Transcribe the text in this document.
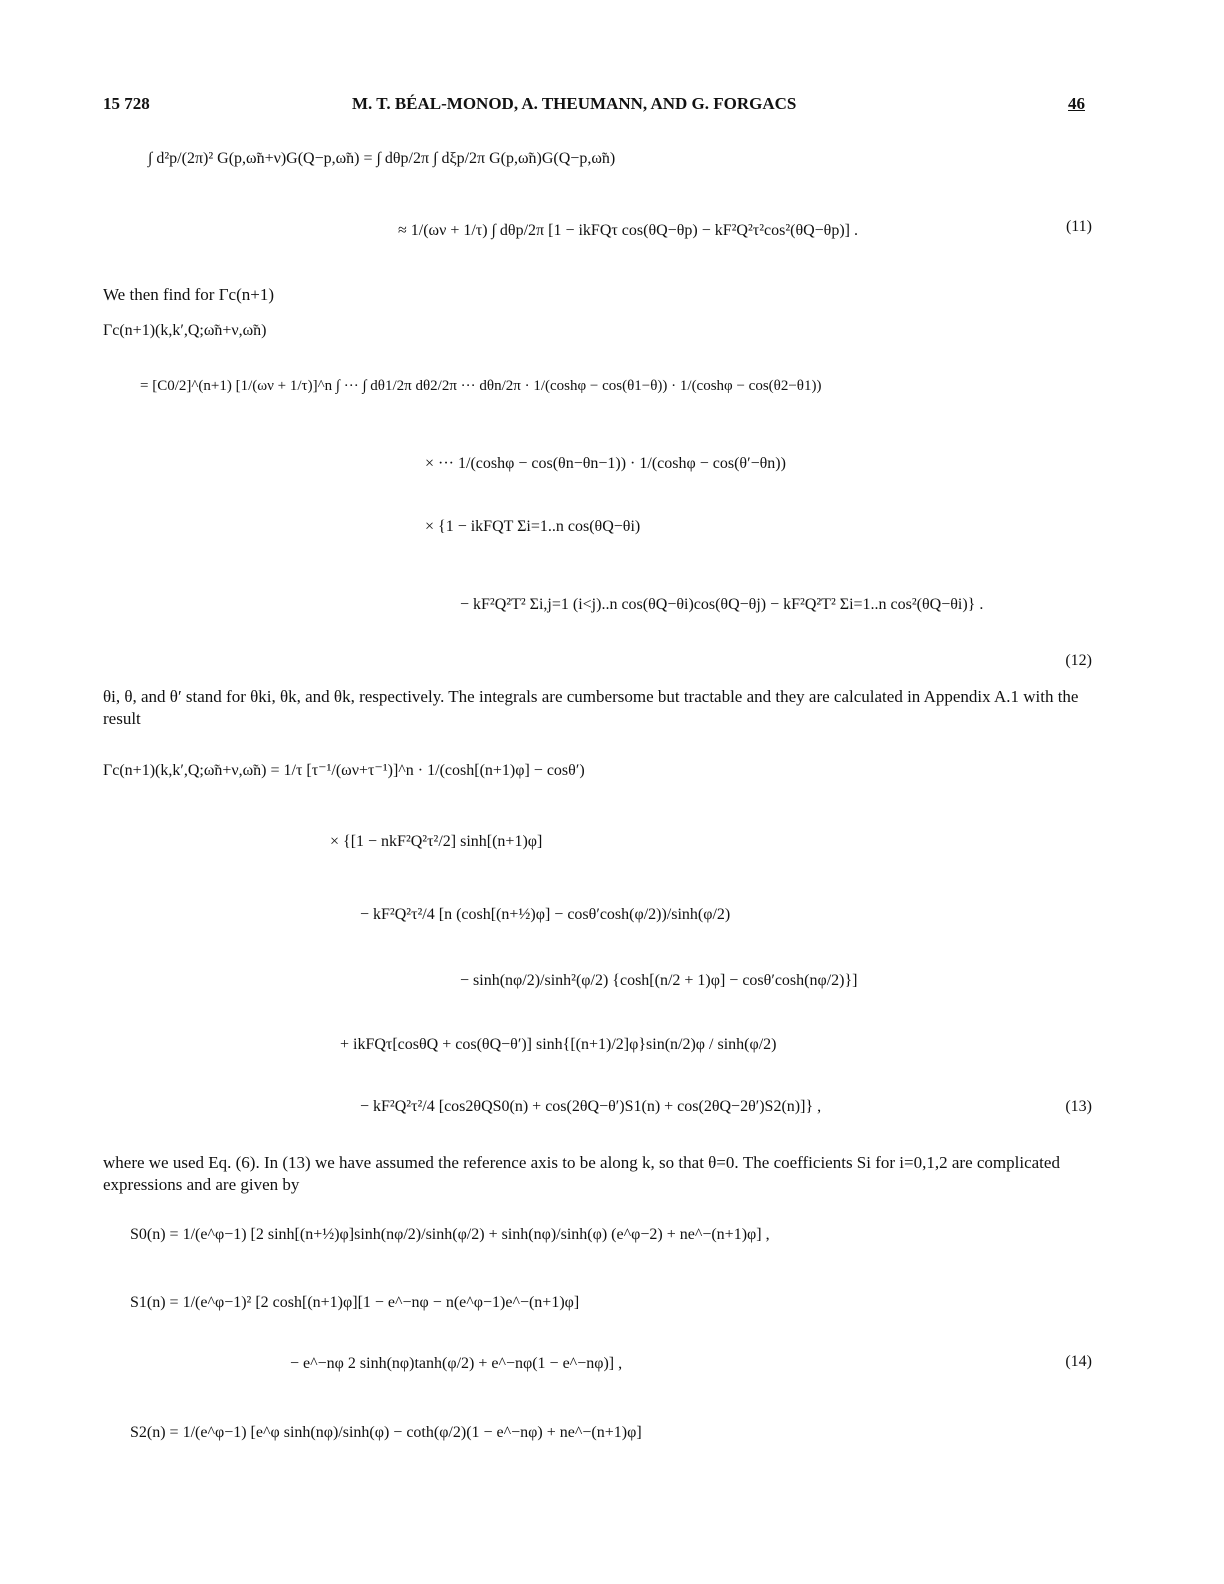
15 728	M. T. BÉAL-MONOD, A. THEUMANN, AND G. FORGACS	46
∫ d²p/(2π)² G(p,ω̃n+ν)G(Q−p,ω̃n) = ∫ dθp/2π ∫ dξp/2π G(p,ω̃n)G(Q−p,ω̃n)
≈ 1/(ων + 1/τ) ∫ dθp/2π [1 − ikFQτ cos(θQ−θp) − kF²Q²τ²cos²(θQ−θp)] .	(11)
We then find for Γc(n+1)
Γc(n+1)(k,k′,Q;ω̃n+ν,ω̃n)
= [C0/2]^(n+1) [1/(ων + 1/τ)]^n ∫ ··· ∫ dθ1/2π dθ2/2π ··· dθn/2π · 1/(coshφ − cos(θ1−θ)) · 1/(coshφ − cos(θ2−θ1))
× ··· 1/(coshφ − cos(θn−θn−1)) · 1/(coshφ − cos(θ′−θn))
× {1 − ikFQT Σi=1..n cos(θQ−θi)
− kF²Q²T² Σi,j=1 (i<j)..n cos(θQ−θi)cos(θQ−θj) − kF²Q²T² Σi=1..n cos²(θQ−θi)} .
(12)
θi, θ, and θ′ stand for θki, θk, and θk, respectively. The integrals are cumbersome but tractable and they are calculated in Appendix A.1 with the result
Γc(n+1)(k,k′,Q;ω̃n+ν,ω̃n) = 1/τ [τ⁻¹/(ων+τ⁻¹)]^n · 1/(cosh[(n+1)φ] − cosθ′)
× {[1 − nkF²Q²τ²/2] sinh[(n+1)φ]
− kF²Q²τ²/4 [n (cosh[(n+½)φ] − cosθ′cosh(φ/2))/sinh(φ/2)
− sinh(nφ/2)/sinh²(φ/2) {cosh[(n/2 + 1)φ] − cosθ′cosh(nφ/2)}]
+ ikFQτ[cosθQ + cos(θQ−θ′)] sinh{[(n+1)/2]φ}sin(n/2)φ / sinh(φ/2)
− kF²Q²τ²/4 [cos2θQS0(n) + cos(2θQ−θ′)S1(n) + cos(2θQ−2θ′)S2(n)]} ,	(13)
where we used Eq. (6). In (13) we have assumed the reference axis to be along k, so that θ=0. The coefficients Si for i=0,1,2 are complicated expressions and are given by
S0(n) = 1/(e^φ−1) [2 sinh[(n+½)φ]sinh(nφ/2)/sinh(φ/2) + sinh(nφ)/sinh(φ) (e^φ−2) + ne^−(n+1)φ] ,
S1(n) = 1/(e^φ−1)² [2 cosh[(n+1)φ][1 − e^−nφ − n(e^φ−1)e^−(n+1)φ]
− e^−nφ 2 sinh(nφ)tanh(φ/2) + e^−nφ(1 − e^−nφ)] ,	(14)
S2(n) = 1/(e^φ−1) [e^φ sinh(nφ)/sinh(φ) − coth(φ/2)(1 − e^−nφ) + ne^−(n+1)φ]
